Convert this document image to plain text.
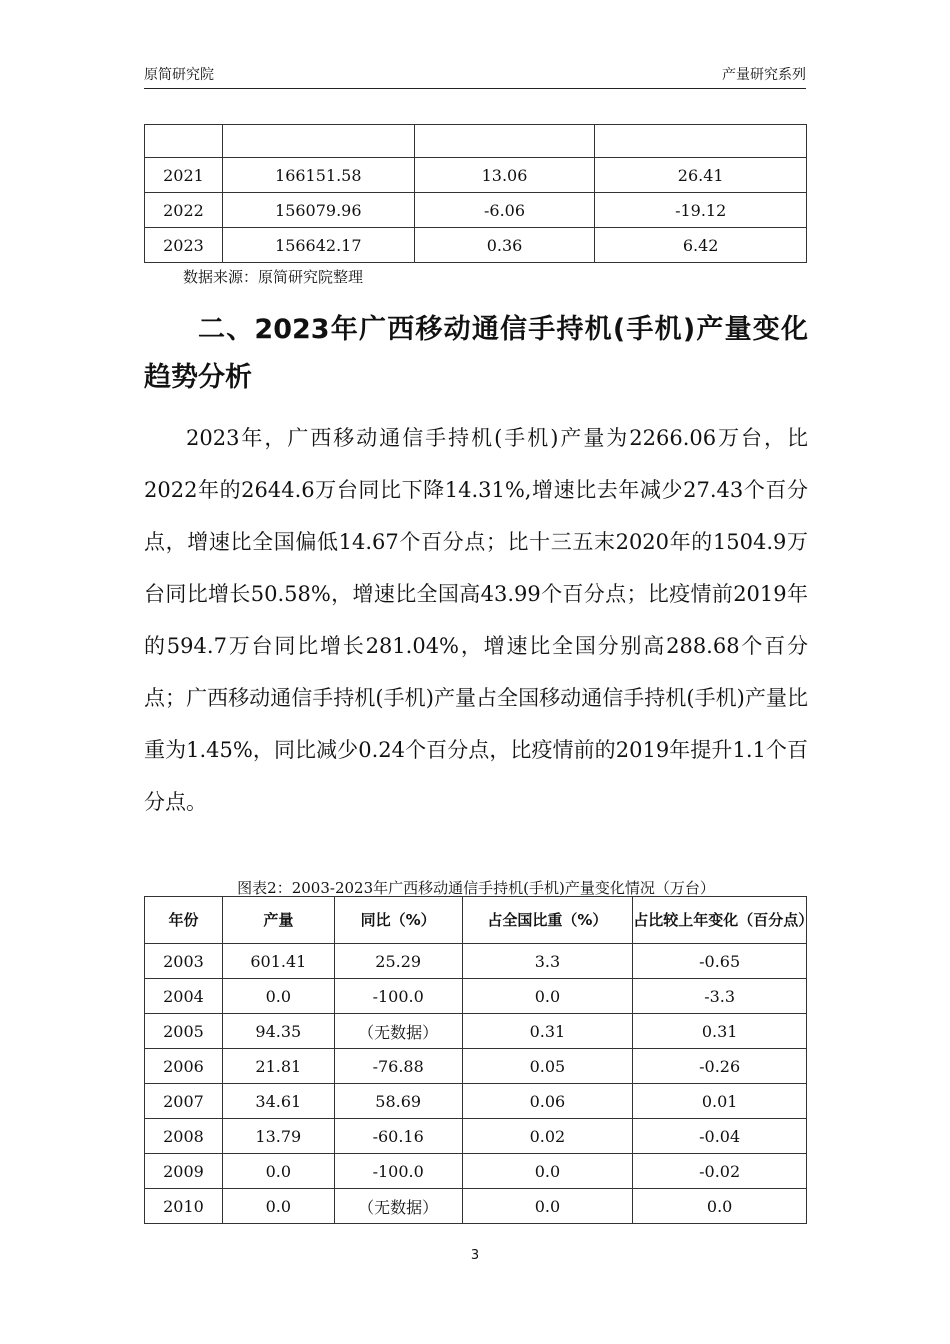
原简研究院	产量研究系列

2021	166151.58	13.06	26.41
2022	156079.96	-6.06	-19.12
2023	156642.17	0.36	6.42
数据来源：原简研究院整理
二、2023年广西移动通信手持机(手机)产量变化趋势分析
2023年，广西移动通信手持机(手机)产量为2266.06万台，比2022年的2644.6万台同比下降14.31%,增速比去年减少27.43个百分点，增速比全国偏低14.67个百分点；比十三五末2020年的1504.9万台同比增长50.58%，增速比全国高43.99个百分点；比疫情前2019年的594.7万台同比增长281.04%，增速比全国分别高288.68个百分点；广西移动通信手持机(手机)产量占全国移动通信手持机(手机)产量比重为1.45%，同比减少0.24个百分点，比疫情前的2019年提升1.1个百分点。
图表2：2003-2023年广西移动通信手持机(手机)产量变化情况（万台）
年份	产量	同比（%）	占全国比重（%）	占比较上年变化（百分点）
2003	601.41	25.29	3.3	-0.65
2004	0.0	-100.0	0.0	-3.3
2005	94.35	（无数据）	0.31	0.31
2006	21.81	-76.88	0.05	-0.26
2007	34.61	58.69	0.06	0.01
2008	13.79	-60.16	0.02	-0.04
2009	0.0	-100.0	0.0	-0.02
2010	0.0	（无数据）	0.0	0.0
3
